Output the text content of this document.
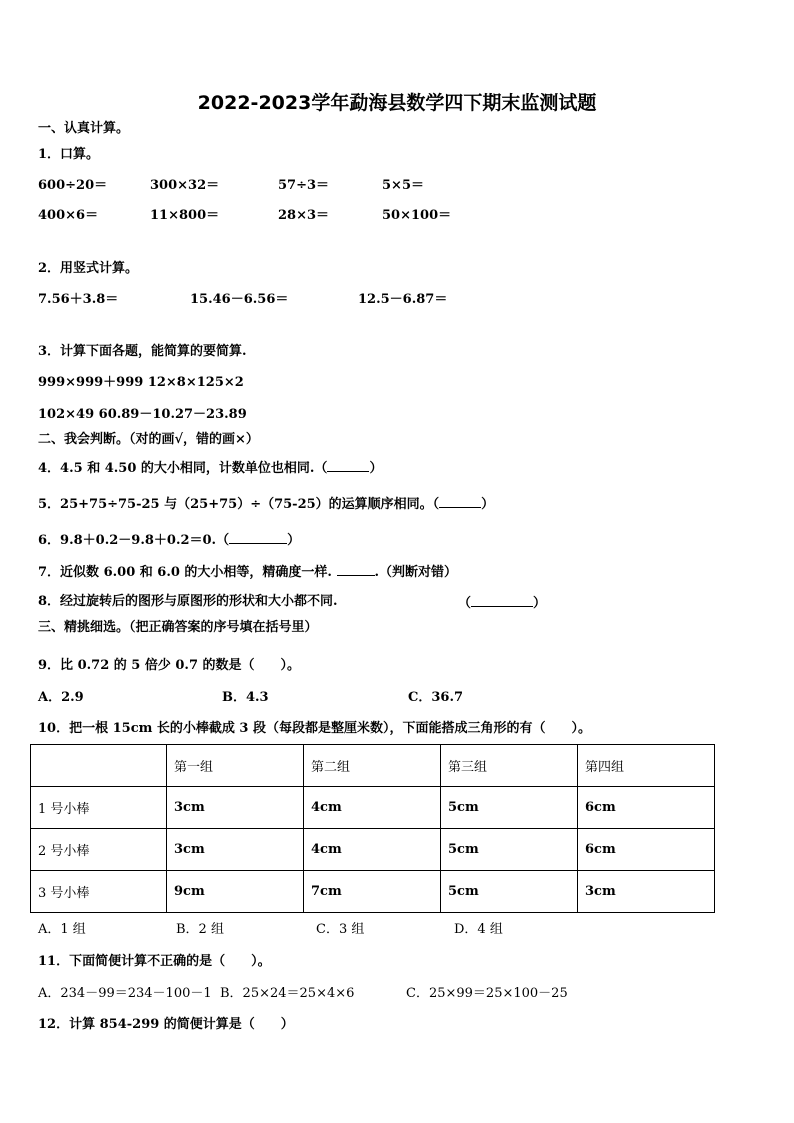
2022-2023学年勐海县数学四下期末监测试题
一、认真计算。
1．口算。
600÷20＝	300×32＝	57÷3＝	5×5＝
400×6＝	11×800＝	28×3＝	50×100＝
2．用竖式计算。
7.56＋3.8＝	15.46－6.56＝	12.5－6.87＝
3．计算下面各题，能简算的要简算.
999×999＋999 12×8×125×2
102×49 60.89－10.27－23.89
二、我会判断。（对的画√，错的画×）
4．4.5 和 4.50 的大小相同，计数单位也相同.（	）
5．25+75÷75-25 与（25+75）÷（75-25）的运算顺序相同。（	）
6．9.8＋0.2－9.8＋0.2＝0.（	）
7．近似数 6.00 和 6.0 的大小相等，精确度一样.	.（判断对错）
8．经过旋转后的图形与原图形的形状和大小都不同.	（	）
三、精挑细选。（把正确答案的序号填在括号里）
9．比 0.72 的 5 倍少 0.7 的数是（　　）。
A．2.9	B．4.3	C．36.7
10．把一根 15cm 长的小棒截成 3 段（每段都是整厘米数），下面能搭成三角形的有（　　）。
	第一组	第二组	第三组	第四组
1 号小棒	3cm	4cm	5cm	6cm
2 号小棒	3cm	4cm	5cm	6cm
3 号小棒	9cm	7cm	5cm	3cm
A．1 组	B．2 组	C．3 组	D．4 组
11．下面简便计算不正确的是（　　）。
A．234－99＝234－100－1 B．25×24＝25×4×6	C．25×99＝25×100－25
12．计算 854-299 的简便计算是（　　）
